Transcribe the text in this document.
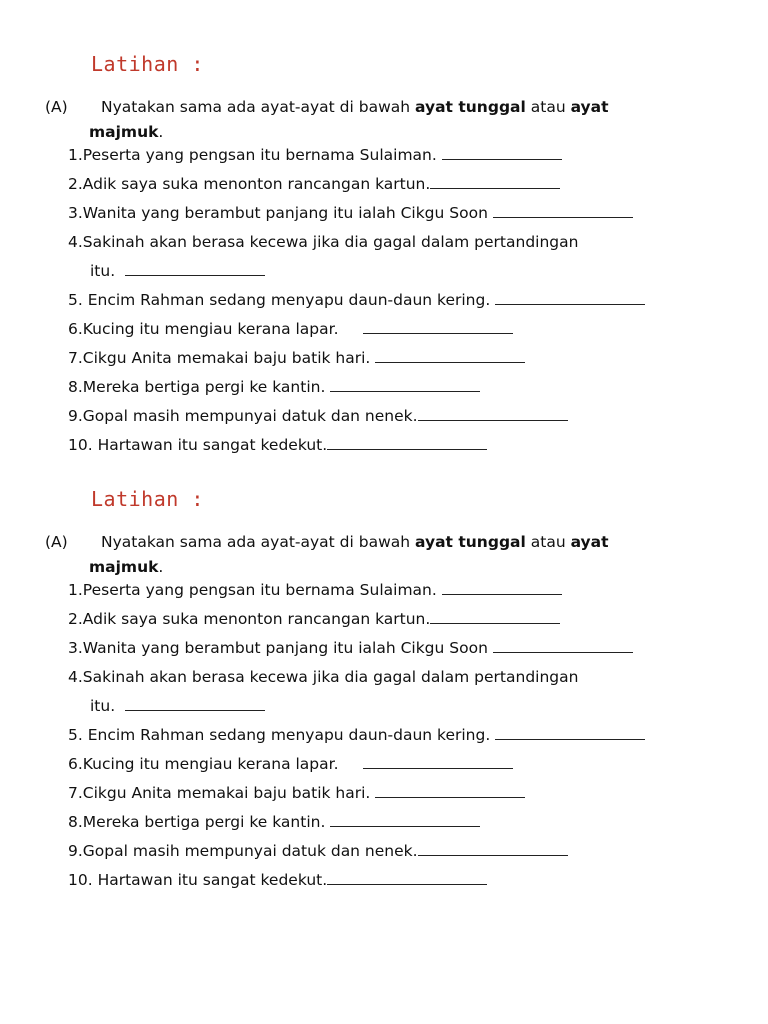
Latihan :
(A) Nyatakan sama ada ayat-ayat di bawah ayat tunggal atau ayat
majmuk.
1.Peserta yang pengsan itu bernama Sulaiman.
2.Adik saya suka menonton rancangan kartun.
3.Wanita yang berambut panjang itu ialah Cikgu Soon
4.Sakinah akan berasa kecewa jika dia gagal dalam pertandingan
itu.
5. Encim Rahman sedang menyapu daun-daun kering.
6.Kucing itu mengiau kerana lapar.
7.Cikgu Anita memakai baju batik hari.
8.Mereka bertiga pergi ke kantin.
9.Gopal masih mempunyai datuk dan nenek.
10. Hartawan itu sangat kedekut.
Latihan :
(A) Nyatakan sama ada ayat-ayat di bawah ayat tunggal atau ayat
majmuk.
1.Peserta yang pengsan itu bernama Sulaiman.
2.Adik saya suka menonton rancangan kartun.
3.Wanita yang berambut panjang itu ialah Cikgu Soon
4.Sakinah akan berasa kecewa jika dia gagal dalam pertandingan
itu.
5. Encim Rahman sedang menyapu daun-daun kering.
6.Kucing itu mengiau kerana lapar.
7.Cikgu Anita memakai baju batik hari.
8.Mereka bertiga pergi ke kantin.
9.Gopal masih mempunyai datuk dan nenek.
10. Hartawan itu sangat kedekut.
